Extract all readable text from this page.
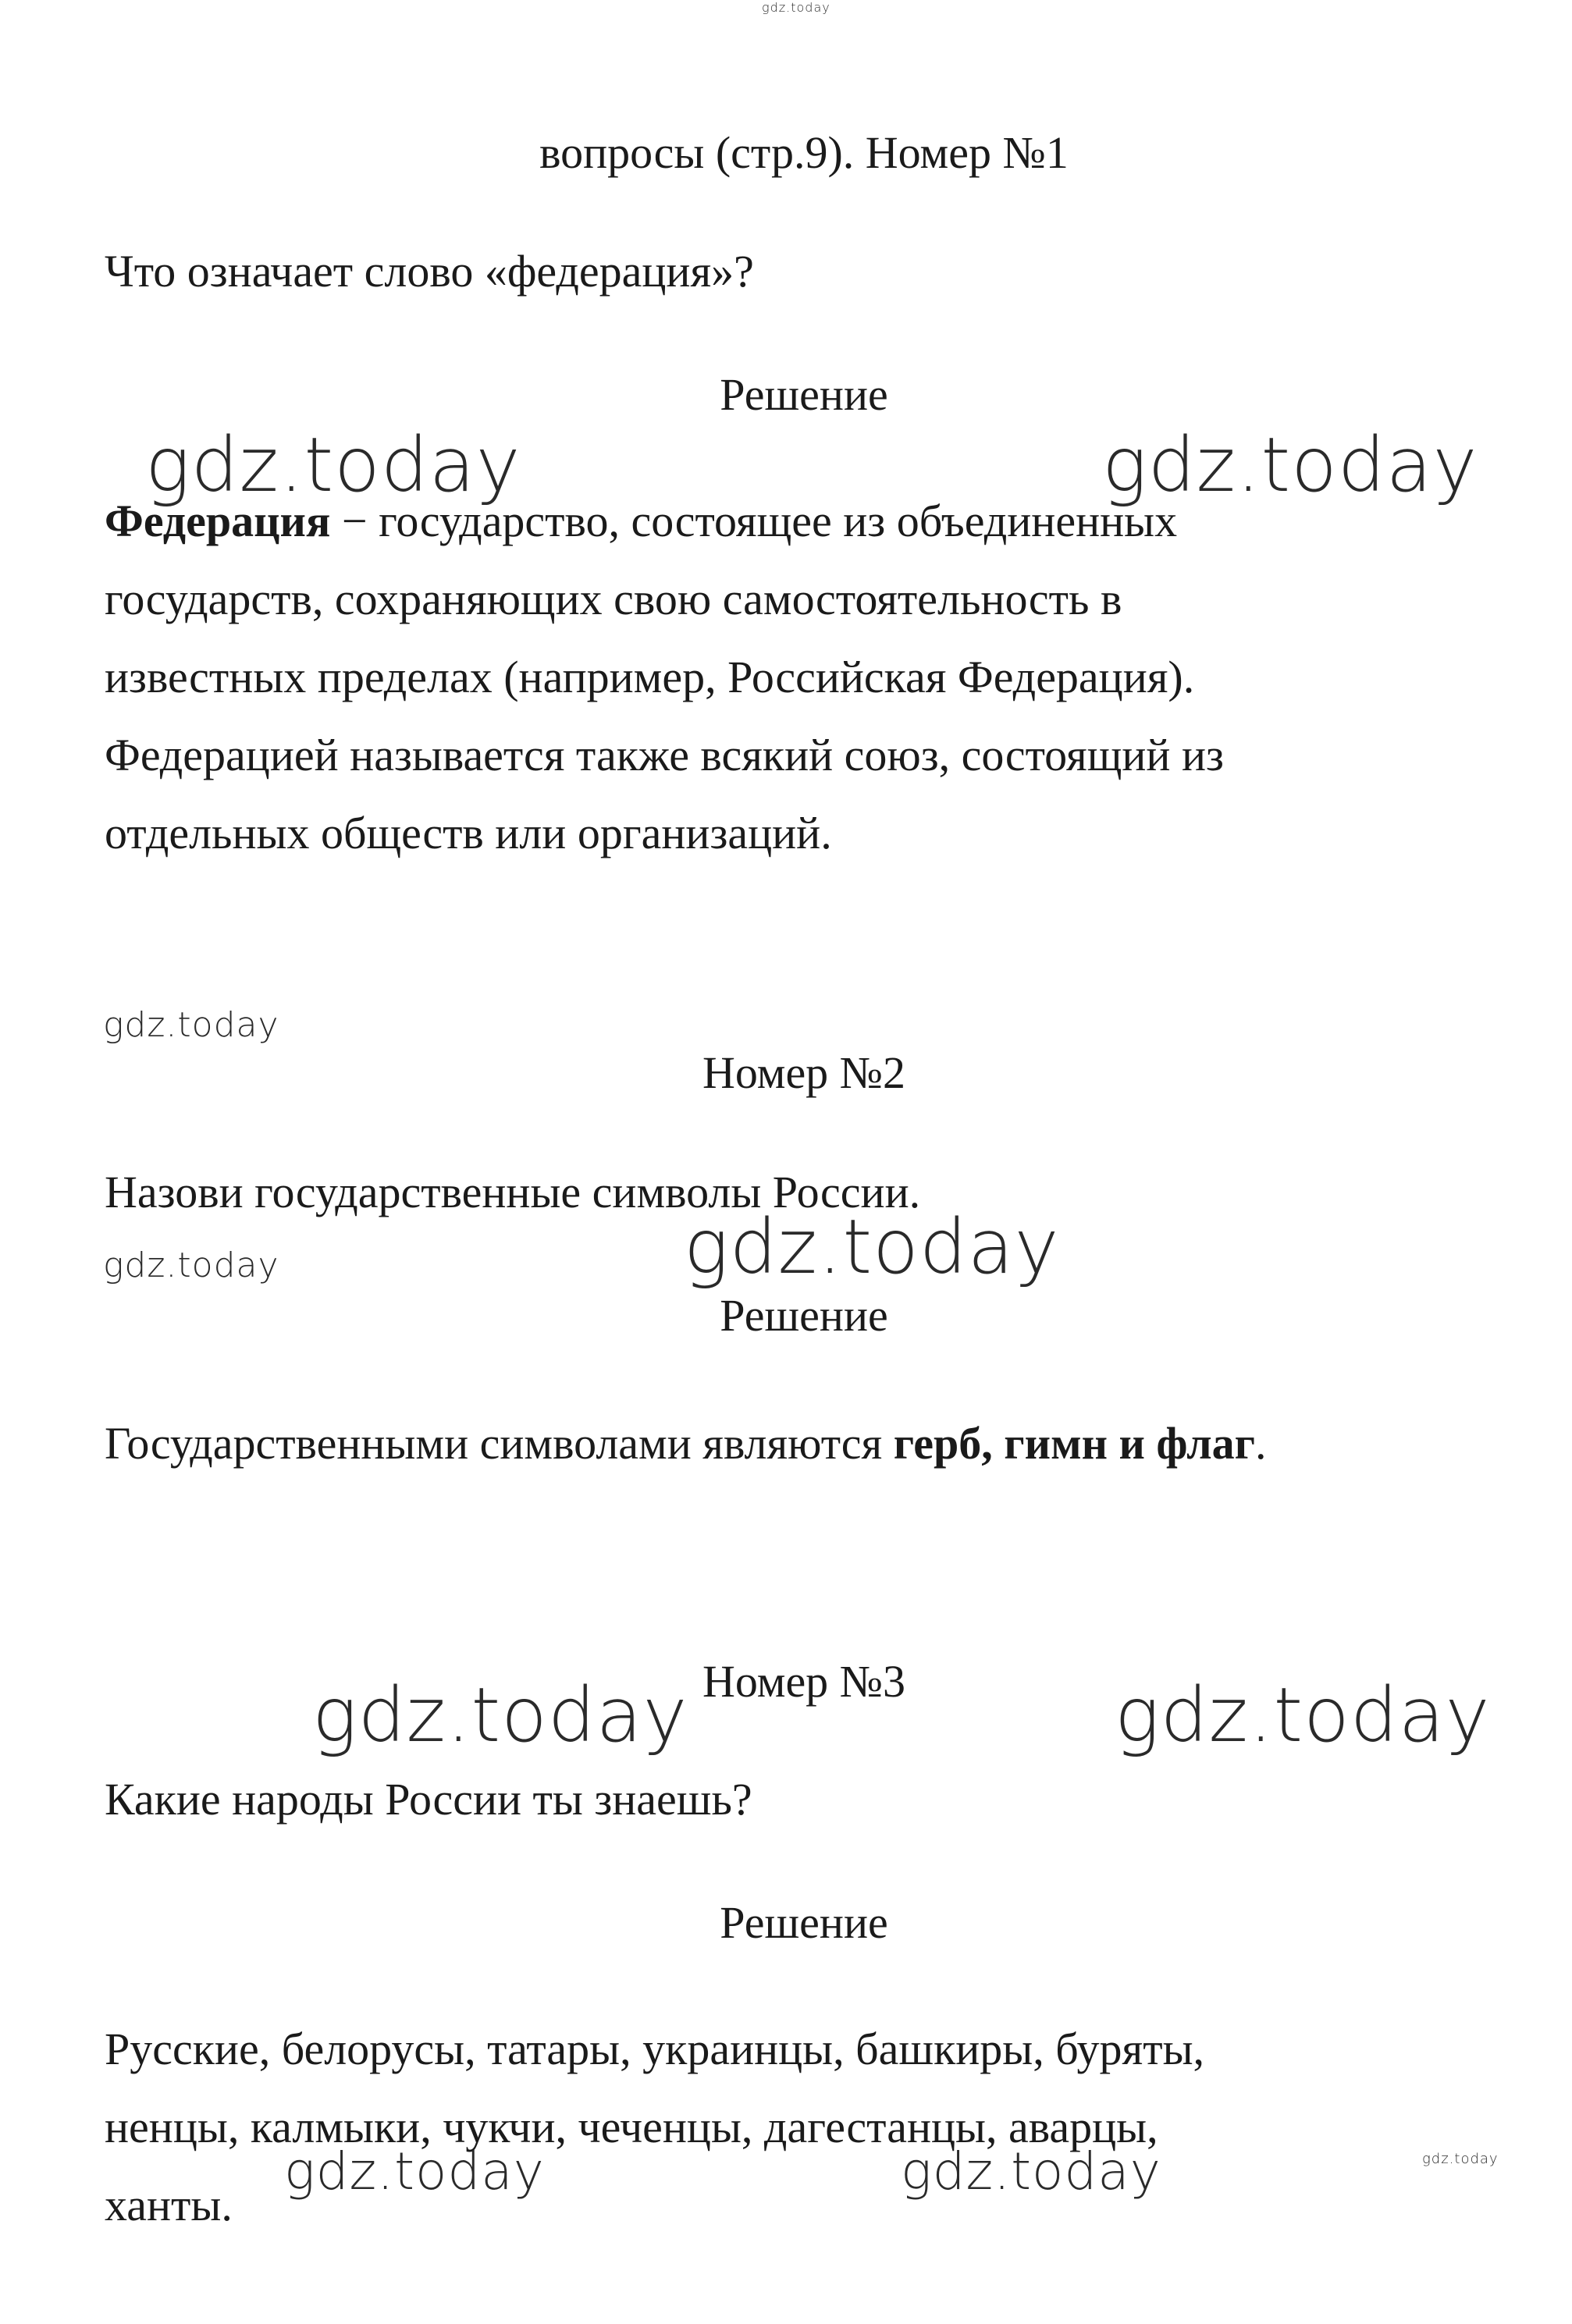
gdz.today
вопросы (стр.9). Номер №1
Что означает слово «федерация»?
Решение

Федерация − государство, состоящее из объединенных

государств, сохраняющих свою самостоятельность в

известных пределах (например, Российская Федерация).

Федерацией называется также всякий союз, состоящий из

отдельных обществ или организаций.

Номер №2
Назови государственные символы России.
Решение
Государственными символами являются герб, гимн и флаг.
Номер №3
Какие народы России ты знаешь?
Решение

Русские, белорусы, татары, украинцы, башкиры, буряты,

ненцы, калмыки, чукчи, чеченцы, дагестанцы, аварцы,

ханты.

gdz.today	gdz.today
gdz.today
gdz.today	gdz.today
gdz.today	gdz.today
gdz.today	gdz.today	gdz.today
